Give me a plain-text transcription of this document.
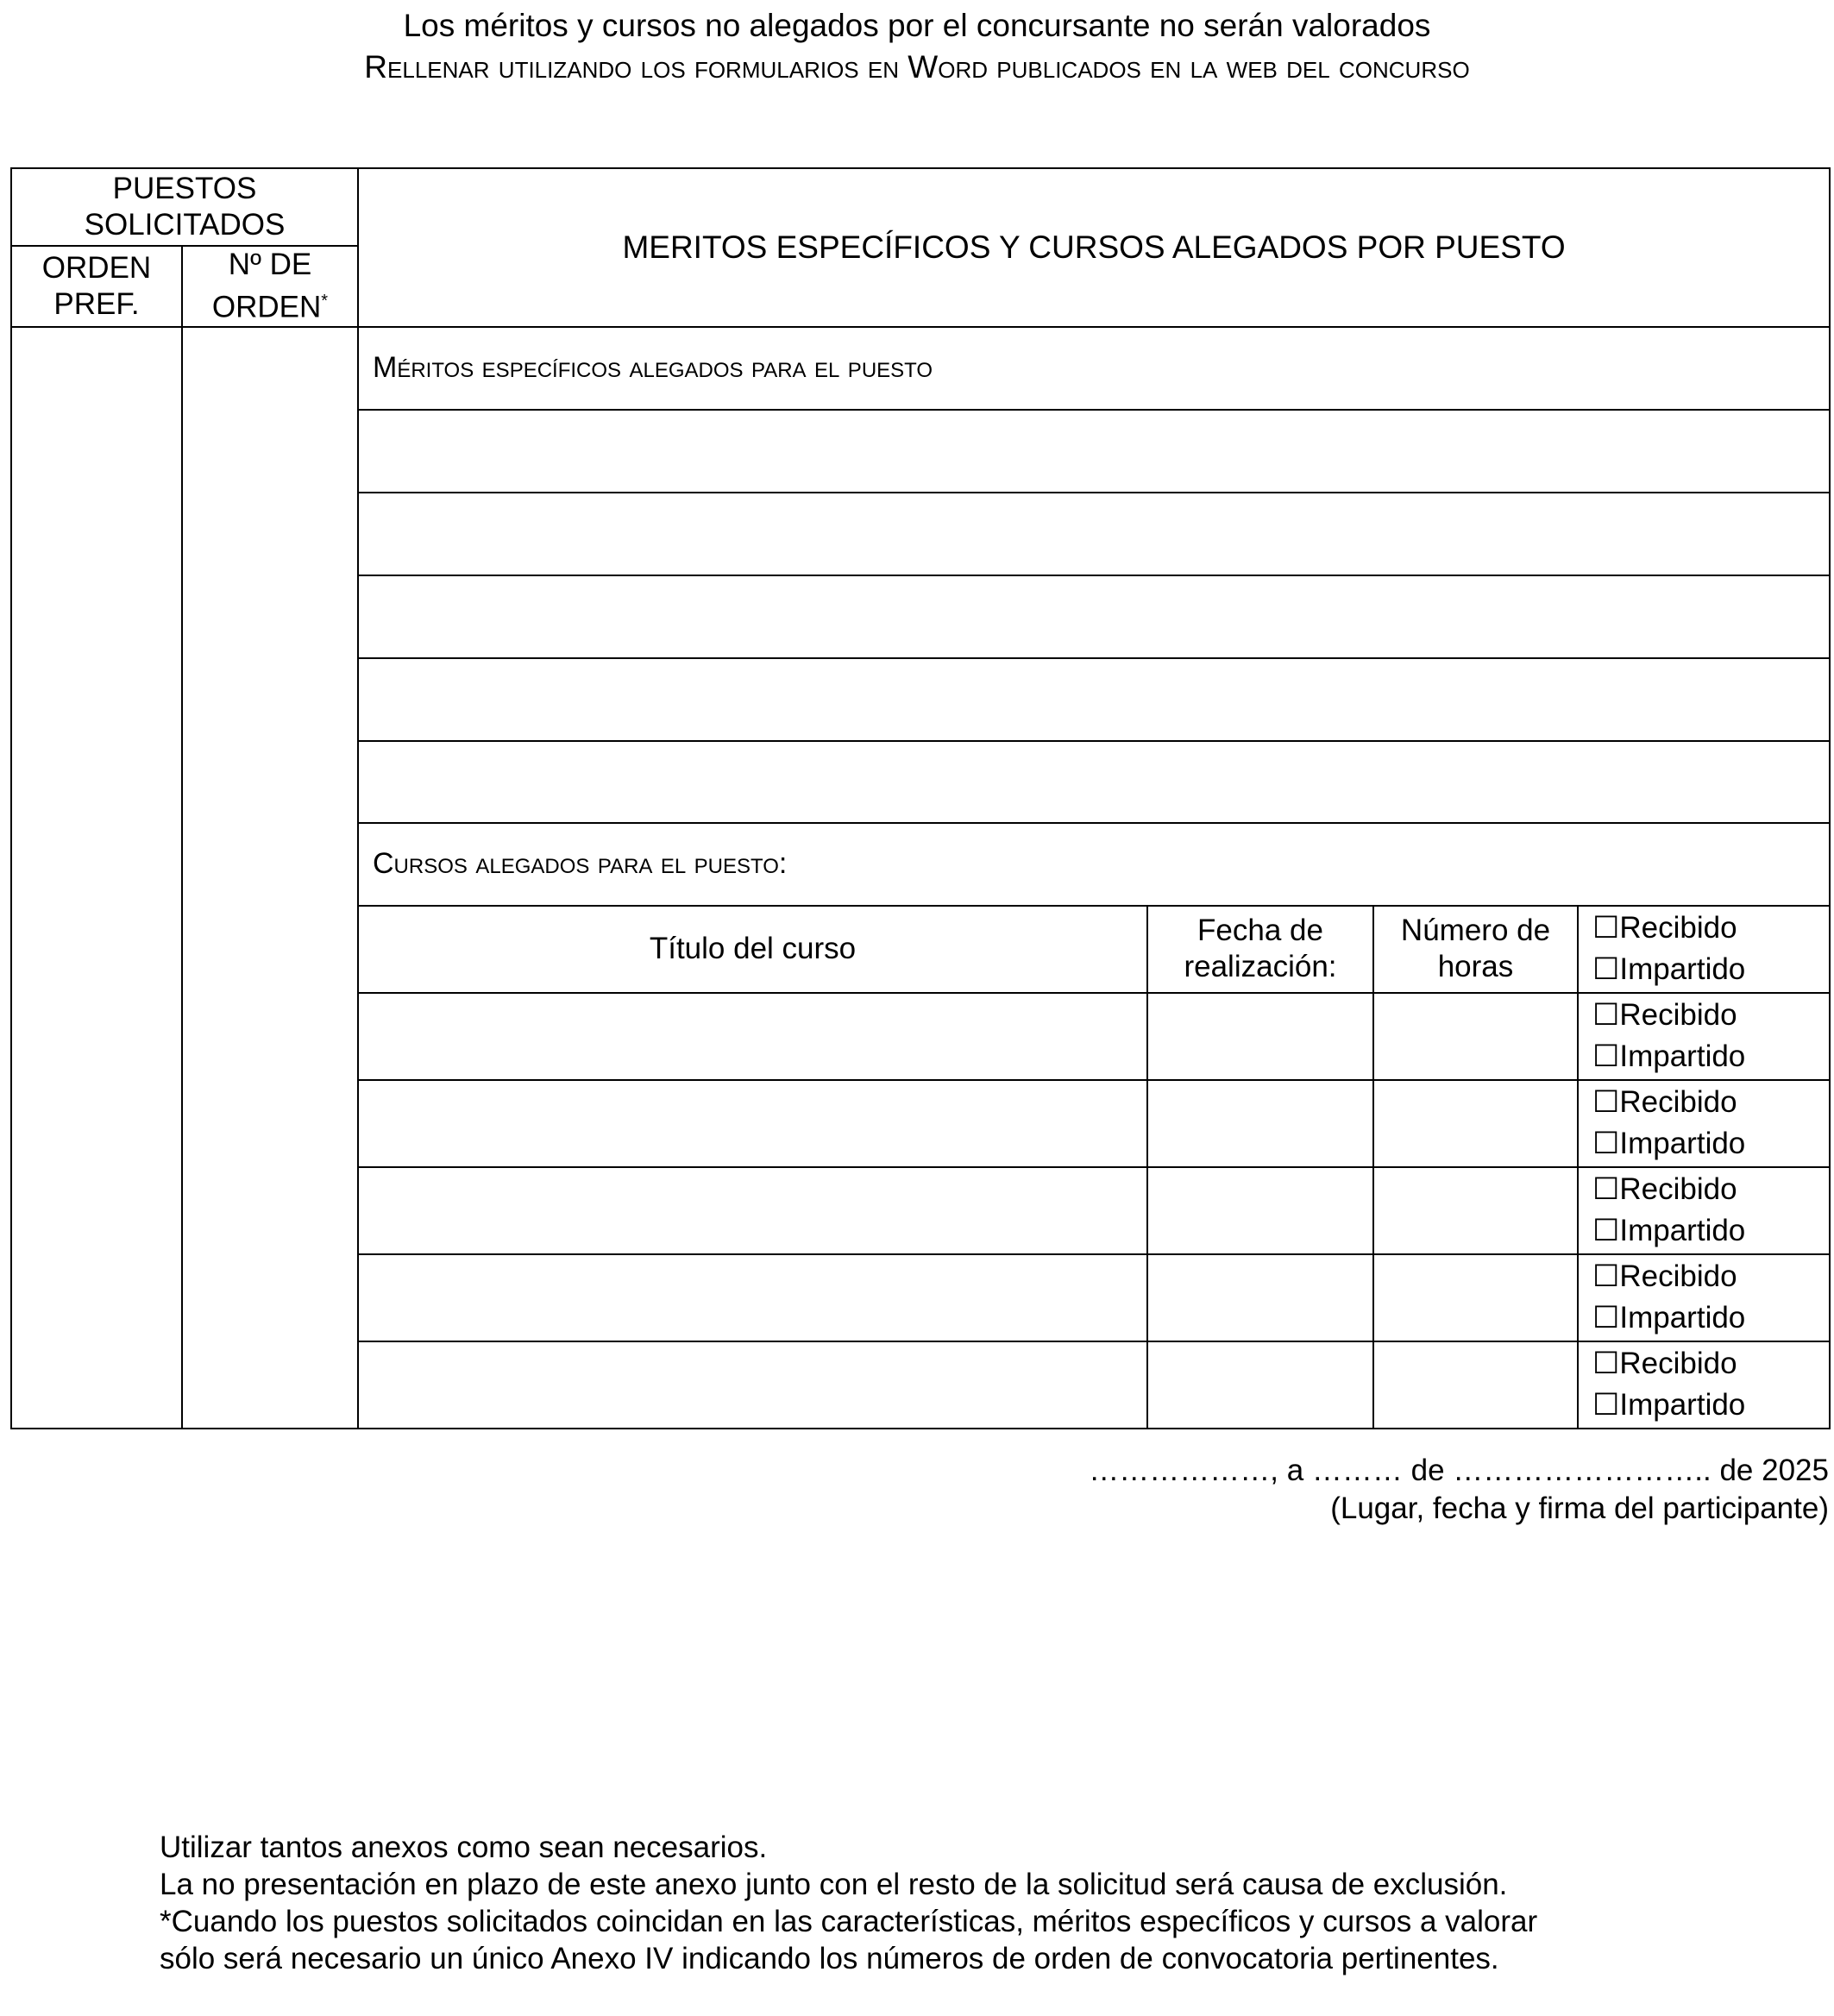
Los méritos y cursos no alegados por el concursante no serán valorados
Rellenar utilizando los formularios en Word publicados en la web del concurso
PUESTOS SOLICITADOS	MERITOS ESPECÍFICOS Y CURSOS ALEGADOS POR PUESTO
ORDEN PREF.	Nº DE ORDEN*
		Méritos específicos alegados para el puesto

Cursos alegados para el puesto:
Título del curso	Fecha de realización:	Número de horas	
☐Recibido
☐Impartido

☐Recibido
☐Impartido

☐Recibido
☐Impartido

☐Recibido
☐Impartido

☐Recibido
☐Impartido

☐Recibido
☐Impartido
………………, a ……… de …………………….. de 2025
(Lugar, fecha y firma del participante)
Utilizar tantos anexos como sean necesarios.
La no presentación en plazo de este anexo junto con el resto de la solicitud será causa de exclusión.
*Cuando los puestos solicitados coincidan en las características, méritos específicos y cursos a valorar
sólo será necesario un único Anexo IV indicando los números de orden de convocatoria pertinentes.
